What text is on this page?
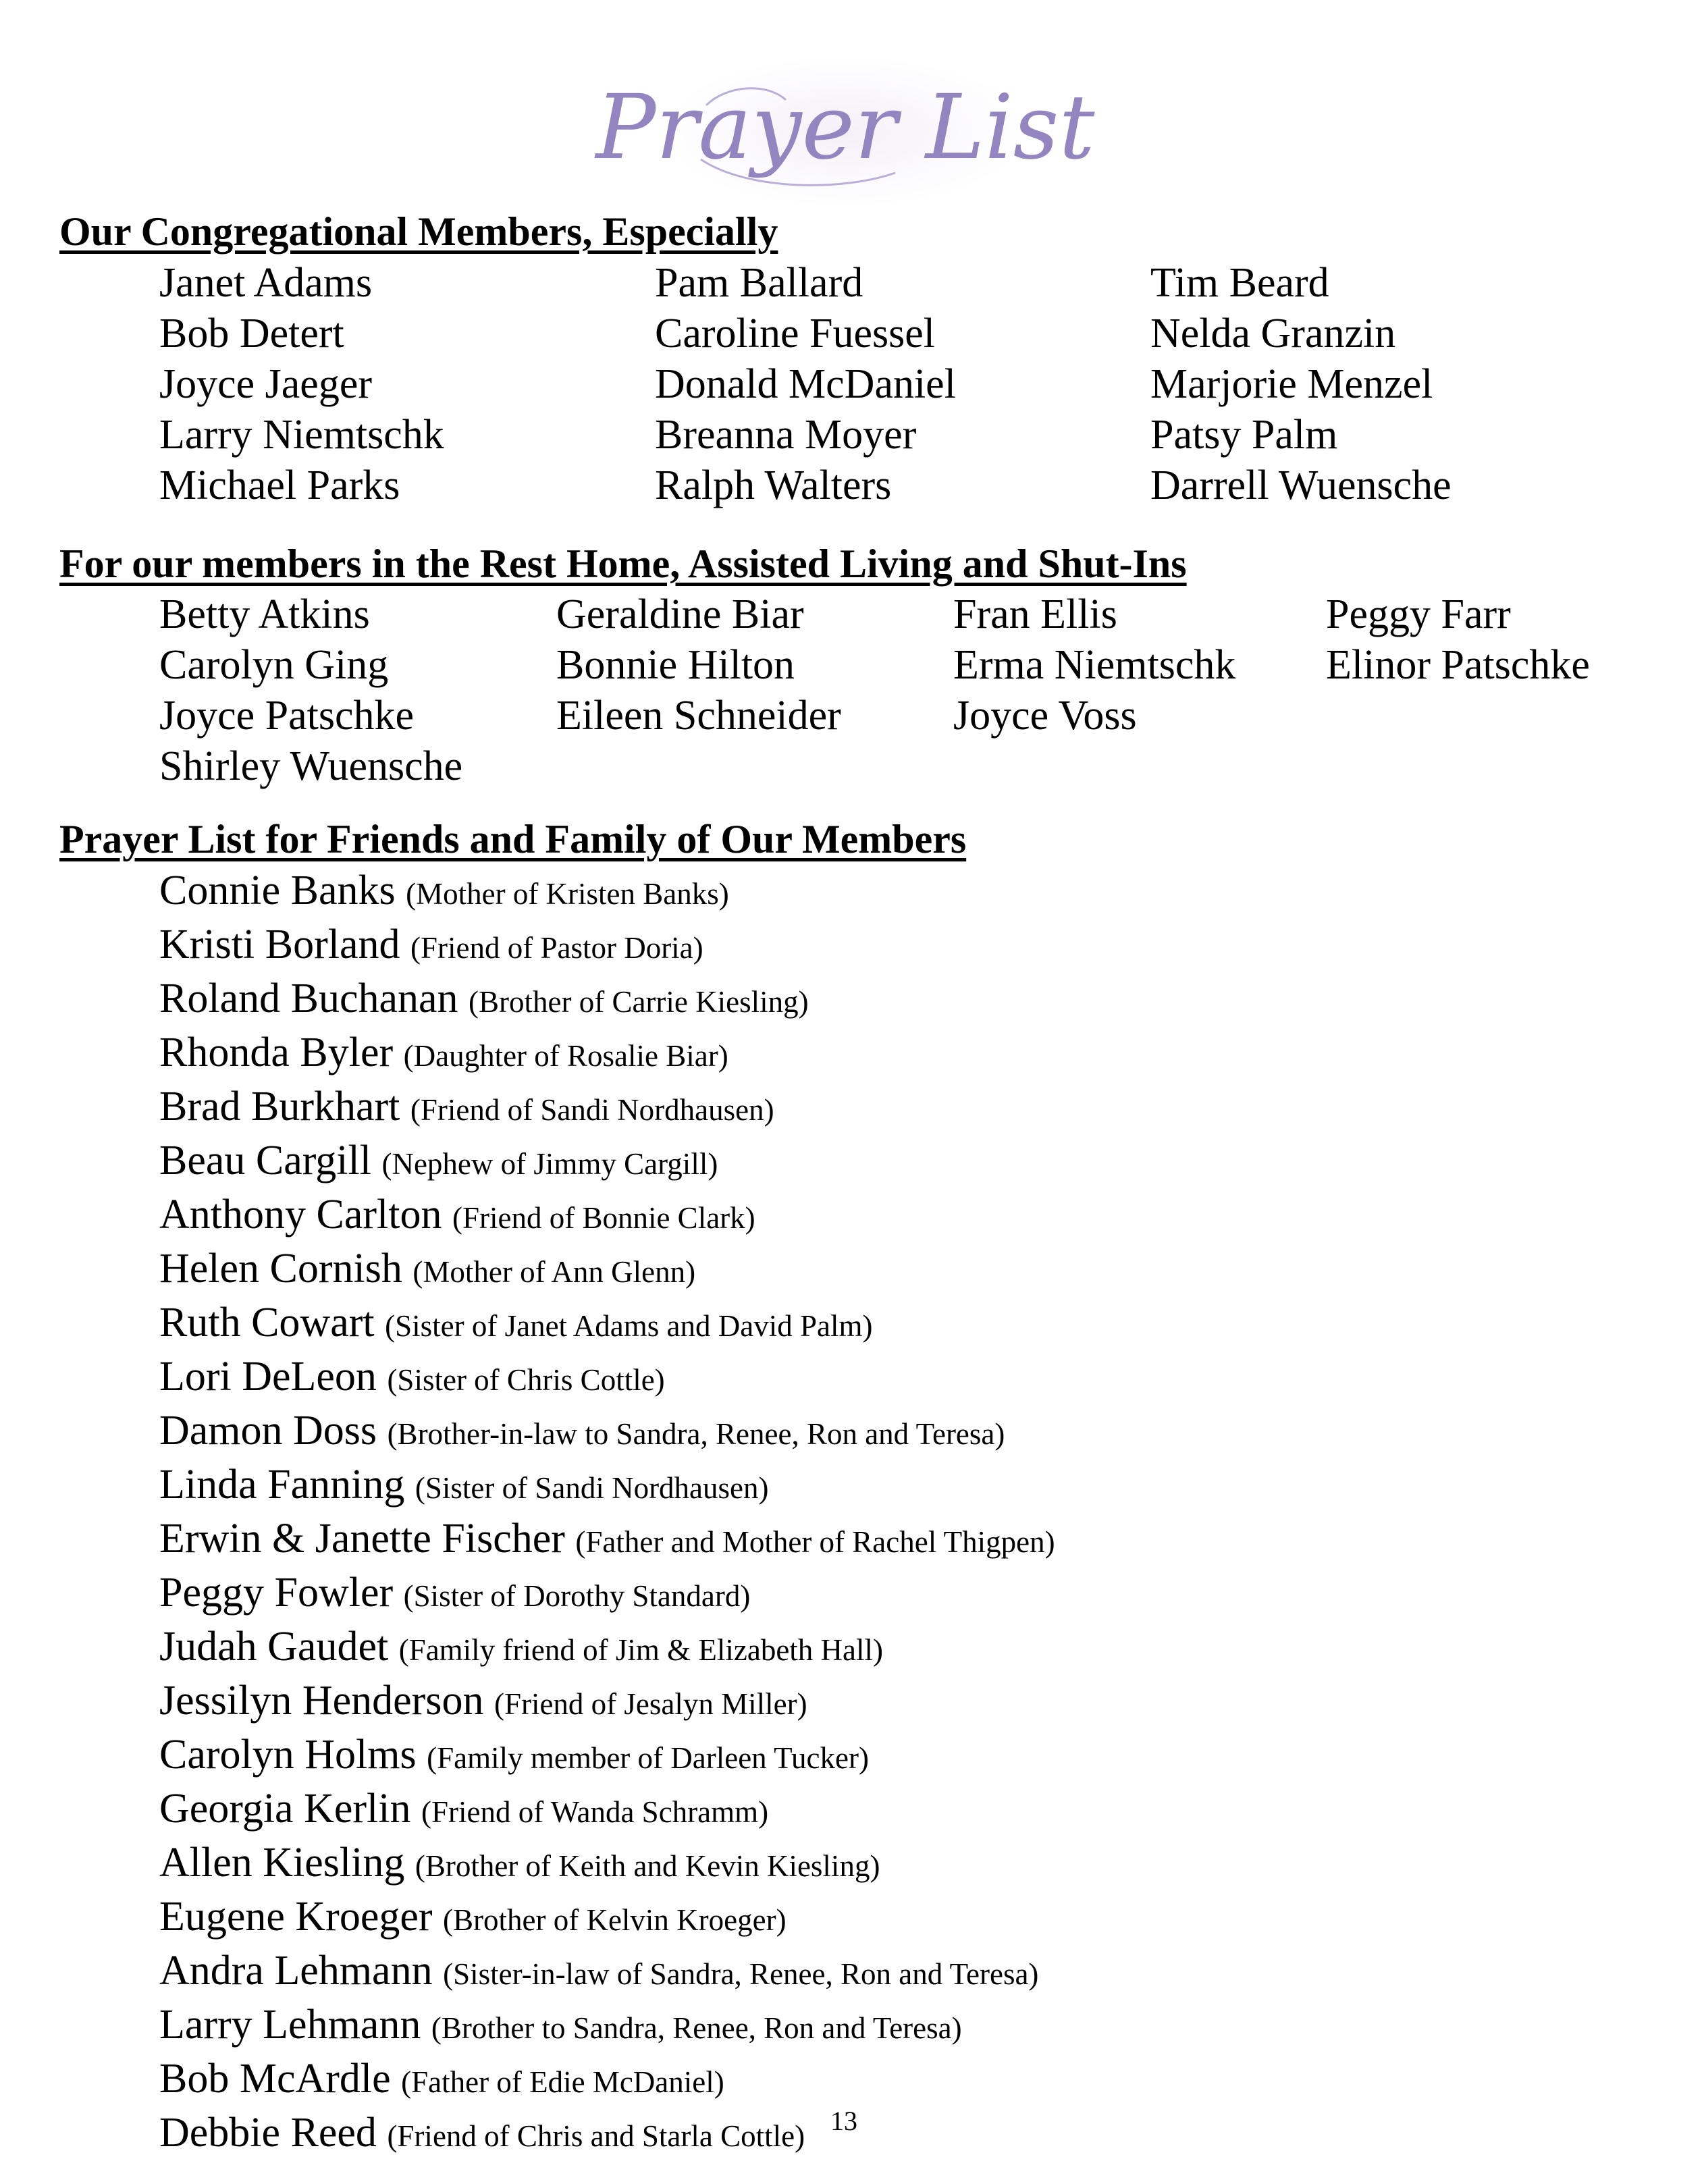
Prayer List
Our Congregational Members, Especially
Janet Adams	Pam Ballard	Tim Beard
Bob Detert	Caroline Fuessel	Nelda Granzin
Joyce Jaeger	Donald McDaniel	Marjorie Menzel
Larry Niemtschk	Breanna Moyer	Patsy Palm
Michael Parks	Ralph Walters	Darrell Wuensche
For our members in the Rest Home, Assisted Living and Shut-Ins
Betty Atkins	Geraldine Biar	Fran Ellis	Peggy Farr
Carolyn Ging	Bonnie Hilton	Erma Niemtschk	Elinor Patschke
Joyce Patschke	Eileen Schneider	Joyce Voss
Shirley Wuensche
Prayer List for Friends and Family of Our Members
Connie Banks (Mother of Kristen Banks)
Kristi Borland (Friend of Pastor Doria)
Roland Buchanan (Brother of Carrie Kiesling)
Rhonda Byler (Daughter of Rosalie Biar)
Brad Burkhart (Friend of Sandi Nordhausen)
Beau Cargill (Nephew of Jimmy Cargill)
Anthony Carlton (Friend of Bonnie Clark)
Helen Cornish (Mother of Ann Glenn)
Ruth Cowart (Sister of Janet Adams and David Palm)
Lori DeLeon (Sister of Chris Cottle)
Damon Doss (Brother-in-law to Sandra, Renee, Ron and Teresa)
Linda Fanning (Sister of Sandi Nordhausen)
Erwin & Janette Fischer (Father and Mother of Rachel Thigpen)
Peggy Fowler (Sister of Dorothy Standard)
Judah Gaudet (Family friend of Jim & Elizabeth Hall)
Jessilyn Henderson (Friend of Jesalyn Miller)
Carolyn Holms (Family member of Darleen Tucker)
Georgia Kerlin (Friend of Wanda Schramm)
Allen Kiesling (Brother of Keith and Kevin Kiesling)
Eugene Kroeger (Brother of Kelvin Kroeger)
Andra Lehmann (Sister-in-law of Sandra, Renee, Ron and Teresa)
Larry Lehmann (Brother to Sandra, Renee, Ron and Teresa)
Bob McArdle (Father of Edie McDaniel)
Debbie Reed (Friend of Chris and Starla Cottle) 13
